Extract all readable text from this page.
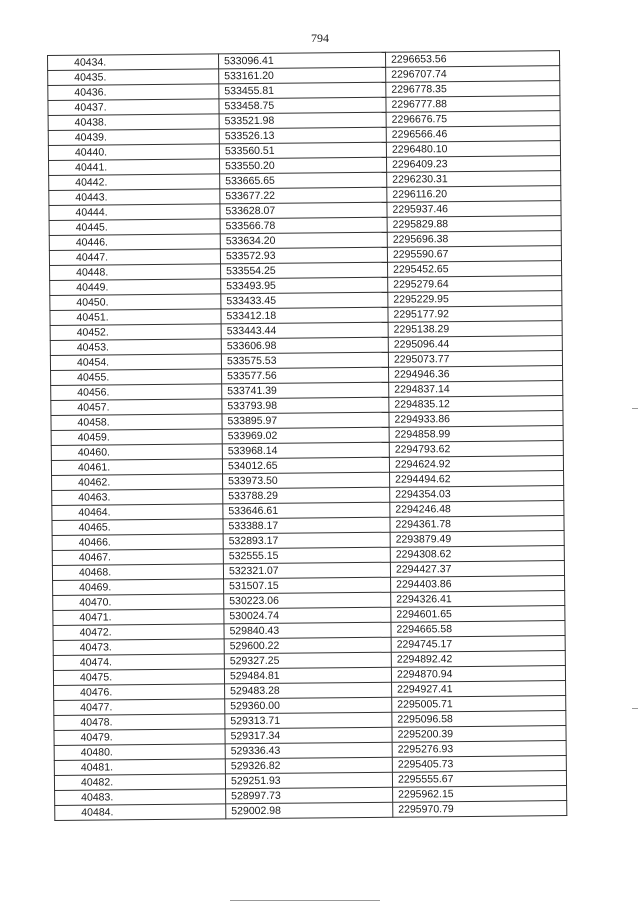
794
40434.	533096.41	2296653.56
40435.	533161.20	2296707.74
40436.	533455.81	2296778.35
40437.	533458.75	2296777.88
40438.	533521.98	2296676.75
40439.	533526.13	2296566.46
40440.	533560.51	2296480.10
40441.	533550.20	2296409.23
40442.	533665.65	2296230.31
40443.	533677.22	2296116.20
40444.	533628.07	2295937.46
40445.	533566.78	2295829.88
40446.	533634.20	2295696.38
40447.	533572.93	2295590.67
40448.	533554.25	2295452.65
40449.	533493.95	2295279.64
40450.	533433.45	2295229.95
40451.	533412.18	2295177.92
40452.	533443.44	2295138.29
40453.	533606.98	2295096.44
40454.	533575.53	2295073.77
40455.	533577.56	2294946.36
40456.	533741.39	2294837.14
40457.	533793.98	2294835.12
40458.	533895.97	2294933.86
40459.	533969.02	2294858.99
40460.	533968.14	2294793.62
40461.	534012.65	2294624.92
40462.	533973.50	2294494.62
40463.	533788.29	2294354.03
40464.	533646.61	2294246.48
40465.	533388.17	2294361.78
40466.	532893.17	2293879.49
40467.	532555.15	2294308.62
40468.	532321.07	2294427.37
40469.	531507.15	2294403.86
40470.	530223.06	2294326.41
40471.	530024.74	2294601.65
40472.	529840.43	2294665.58
40473.	529600.22	2294745.17
40474.	529327.25	2294892.42
40475.	529484.81	2294870.94
40476.	529483.28	2294927.41
40477.	529360.00	2295005.71
40478.	529313.71	2295096.58
40479.	529317.34	2295200.39
40480.	529336.43	2295276.93
40481.	529326.82	2295405.73
40482.	529251.93	2295555.67
40483.	528997.73	2295962.15
40484.	529002.98	2295970.79
